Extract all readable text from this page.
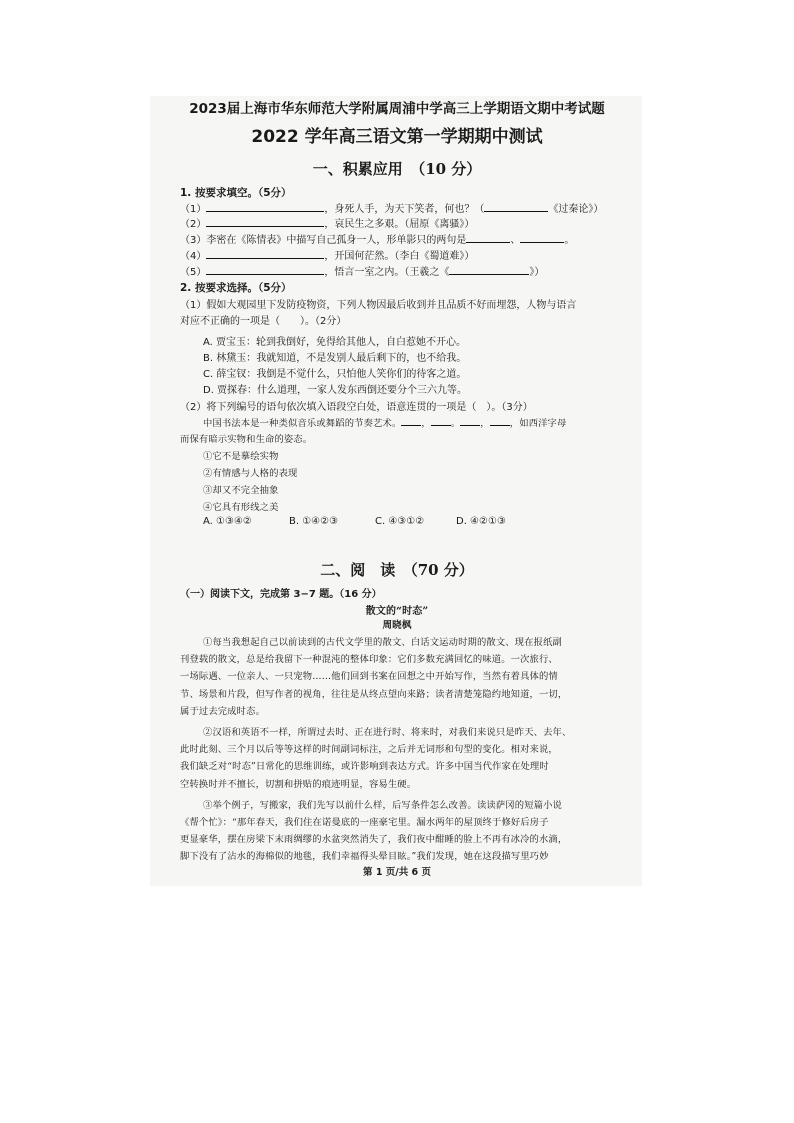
2023届上海市华东师范大学附属周浦中学高三上学期语文期中考试题
2022 学年高三语文第一学期期中测试
一、积累应用　（10 分）
1. 按要求填空。（5分）
（1）	，身死人手，为天下笑者，何也？（	《过秦论》）
（2）	，哀民生之多艰。（屈原《离骚》）
（3）李密在《陈情表》中描写自己孤身一人，形单影只的两句是	、	。
（4）	，开国何茫然。（李白《蜀道难》）
（5）	，悟言一室之内。（王羲之《	》）
2. 按要求选择。（5分）
（1）假如大观园里下发防疫物资，下列人物因最后收到并且品质不好而埋怨，人物与语言
对应不正确的一项是（　　）。（2分）
A. 贾宝玉：轮到我倒好，免得给其他人，自白惹她不开心。
B. 林黛玉：我就知道，不是发别人最后剩下的，也不给我。
C. 薛宝钗：我倒是不觉什么，只怕他人笑你们的待客之道。
D. 贾探春：什么道理，一家人发东西倒还要分个三六九等。
（2）将下列编号的语句依次填入语段空白处，语意连贯的一项是（　）。（3分）
中国书法本是一种类似音乐或舞蹈的节奏艺术。 ， 。 ， ，如西洋字母
而保有暗示实物和生命的姿态。
①它不是摹绘实物
②有情感与人格的表现
③却又不完全抽象
④它具有形线之美
A. ①③④②	B. ①④②③	C. ④③①②	D. ④②①③
二、阅　读　（70 分）
（一）阅读下文，完成第 3−7 题。（16 分）
散文的“时态”
周晓枫
①每当我想起自己以前读到的古代文学里的散文、白话文运动时期的散文、现在报纸副
刊登载的散文，总是给我留下一种混沌的整体印象：它们多数充满回忆的味道。一次旅行、
一场际遇、一位亲人、一只宠物……他们回到书案在回想之中开始写作，当然有着具体的情
节、场景和片段，但写作者的视角，往往是从终点望向来路；读者清楚笼隐约地知道，一切，
属于过去完成时态。
②汉语和英语不一样，所谓过去时、正在进行时、将来时，对我们来说只是昨天、去年、
此时此刻、三个月以后等等这样的时间副词标注，之后并无词形和句型的变化。相对来说，
我们缺乏对“时态”日常化的思维训练，或许影响到表达方式。许多中国当代作家在处理时
空转换时并不擅长，切割和拼贴的痕迹明显，容易生硬。
③举个例子，写搬家，我们先写以前什么样，后写条件怎么改善。读读萨冈的短篇小说
《帮个忙》：“那年春天，我们住在诺曼底的一座豪宅里。漏水两年的屋顶终于修好后房子
更显豪华，摆在房梁下末雨绸缪的水盆突然消失了，我们夜中酣睡的脸上不再有冰冷的水滴，
脚下没有了沾水的海棉似的地毯，我们幸福得头晕目眩。”我们发现，她在这段描写里巧妙
第 1 页/共 6 页
